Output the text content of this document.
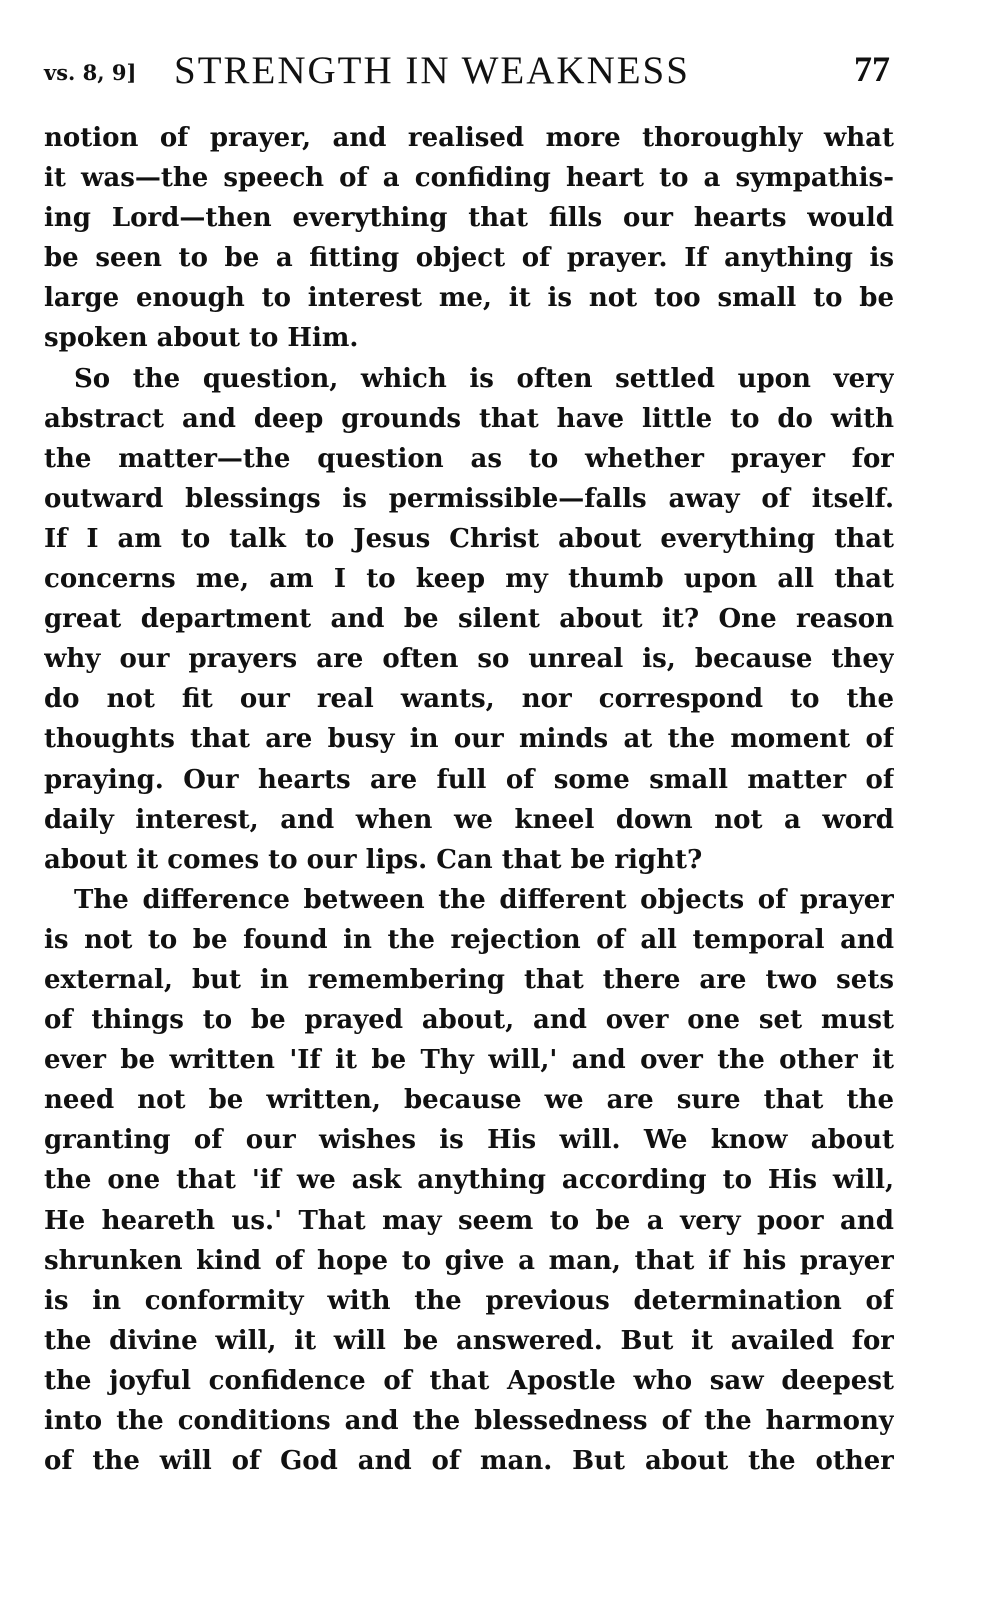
vs. 8, 9] STRENGTH IN WEAKNESS	77
notion of prayer, and realised more thoroughly what
it was—the speech of a confiding heart to a sympathis-
ing Lord—then everything that fills our hearts would
be seen to be a fitting object of prayer. If anything is
large enough to interest me, it is not too small to be
spoken about to Him.
So the question, which is often settled upon very
abstract and deep grounds that have little to do with
the matter—the question as to whether prayer for
outward blessings is permissible—falls away of itself.
If I am to talk to Jesus Christ about everything that
concerns me, am I to keep my thumb upon all that
great department and be silent about it? One reason
why our prayers are often so unreal is, because they
do not fit our real wants, nor correspond to the
thoughts that are busy in our minds at the moment of
praying. Our hearts are full of some small matter of
daily interest, and when we kneel down not a word
about it comes to our lips. Can that be right?
The difference between the different objects of prayer
is not to be found in the rejection of all temporal and
external, but in remembering that there are two sets
of things to be prayed about, and over one set must
ever be written 'If it be Thy will,' and over the other it
need not be written, because we are sure that the
granting of our wishes is His will. We know about
the one that 'if we ask anything according to His will,
He heareth us.' That may seem to be a very poor and
shrunken kind of hope to give a man, that if his prayer
is in conformity with the previous determination of
the divine will, it will be answered. But it availed for
the joyful confidence of that Apostle who saw deepest
into the conditions and the blessedness of the harmony
of the will of God and of man. But about the other
